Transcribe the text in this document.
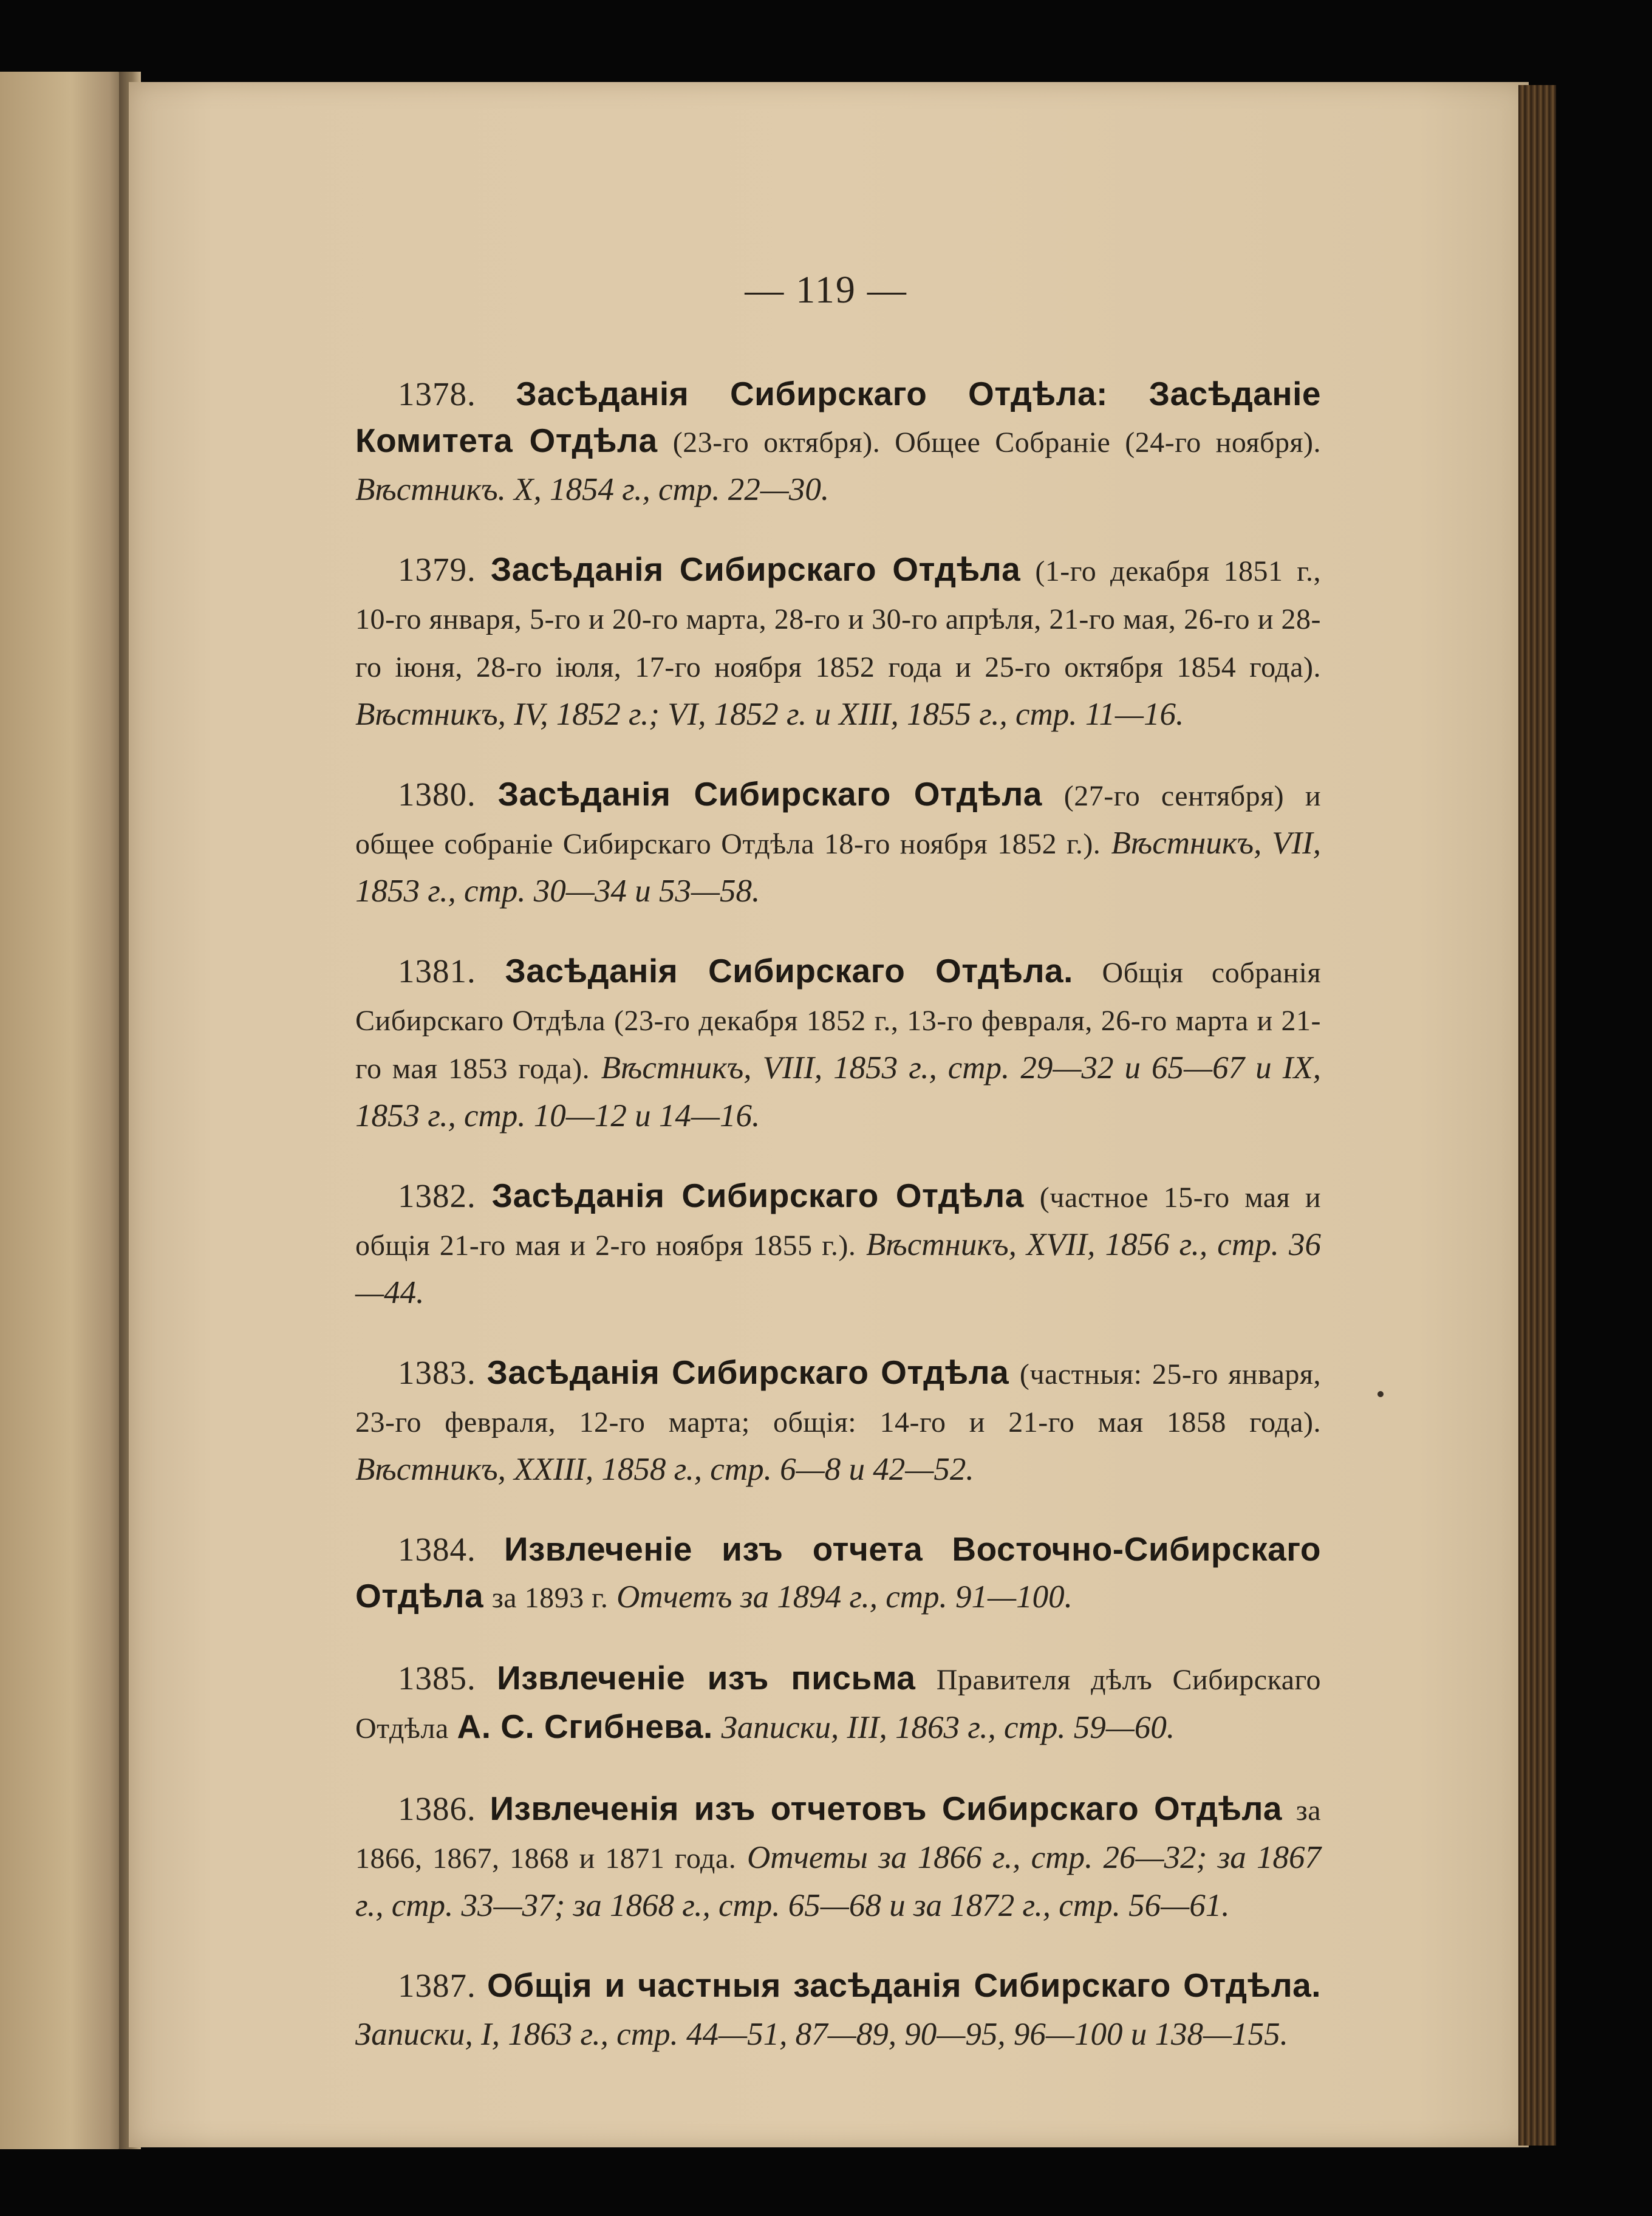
— 119 —

1378. Засѣданія Сибирскаго Отдѣла: Засѣданіе Комитета Отдѣла (23-го октября). Общее Собраніе (24-го ноября). Вѣстникъ. X, 1854 г., стр. 22—30.

1379. Засѣданія Сибирскаго Отдѣла (1-го декабря 1851 г., 10-го января, 5-го и 20-го марта, 28-го и 30-го апрѣля, 21-го мая, 26-го и 28-го іюня, 28-го іюля, 17-го ноября 1852 года и 25-го октября 1854 года). Вѣстникъ, IV, 1852 г.; VI, 1852 г. и XIII, 1855 г., стр. 11—16.

1380. Засѣданія Сибирскаго Отдѣла (27-го сентября) и общее собраніе Сибирскаго Отдѣла 18-го ноября 1852 г.). Вѣстникъ, VII, 1853 г., стр. 30—34 и 53—58.

1381. Засѣданія Сибирскаго Отдѣла. Общія собранія Сибирскаго Отдѣла (23-го декабря 1852 г., 13-го февраля, 26-го марта и 21-го мая 1853 года). Вѣстникъ, VIII, 1853 г., стр. 29—32 и 65—67 и IX, 1853 г., стр. 10—12 и 14—16.

1382. Засѣданія Сибирскаго Отдѣла (частное 15-го мая и общія 21-го мая и 2-го ноября 1855 г.). Вѣстникъ, XVII, 1856 г., стр. 36—44.

1383. Засѣданія Сибирскаго Отдѣла (частныя: 25-го января, 23-го февраля, 12-го марта; общія: 14-го и 21-го мая 1858 года). Вѣстникъ, XXIII, 1858 г., стр. 6—8 и 42—52.

1384. Извлеченіе изъ отчета Восточно-Сибирскаго Отдѣла за 1893 г. Отчетъ за 1894 г., стр. 91—100.

1385. Извлеченіе изъ письма Правителя дѣлъ Сибирскаго Отдѣла А. С. Сгибнева. Записки, III, 1863 г., стр. 59—60.

1386. Извлеченія изъ отчетовъ Сибирскаго Отдѣла за 1866, 1867, 1868 и 1871 года. Отчеты за 1866 г., стр. 26—32; за 1867 г., стр. 33—37; за 1868 г., стр. 65—68 и за 1872 г., стр. 56—61.

1387. Общія и частныя засѣданія Сибирскаго Отдѣла. Записки, I, 1863 г., стр. 44—51, 87—89, 90—95, 96—100 и 138—155.
